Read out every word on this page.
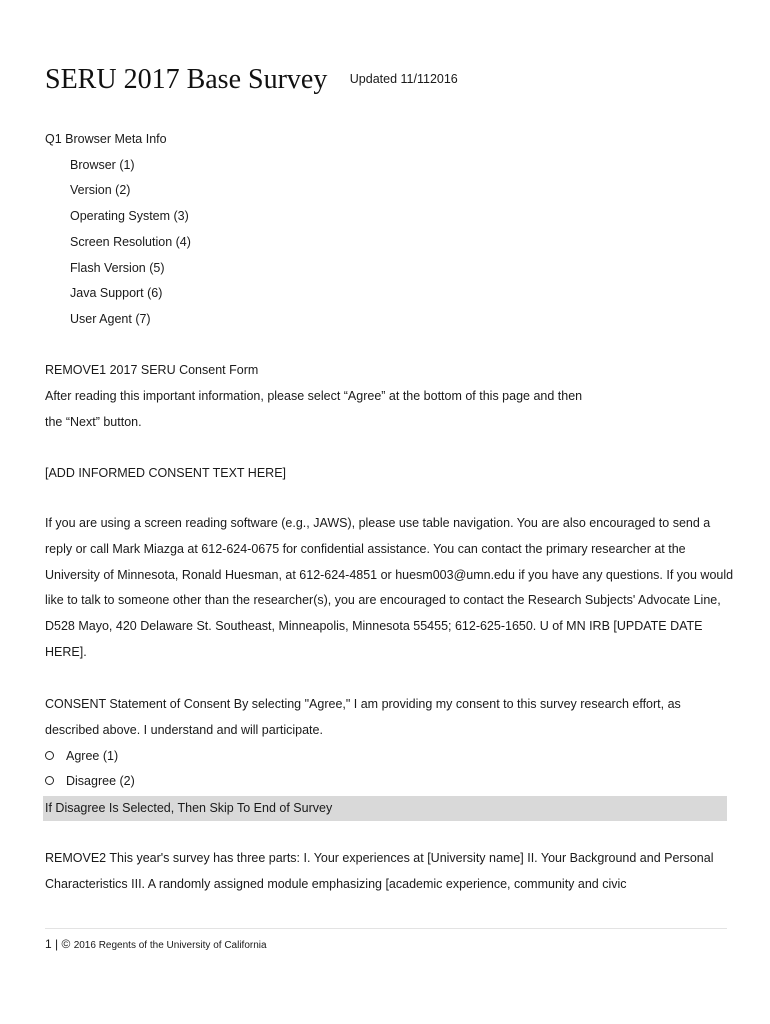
SERU 2017 Base Survey Updated 11/112016
Q1 Browser Meta Info
Browser (1)
Version (2)
Operating System (3)
Screen Resolution (4)
Flash Version (5)
Java Support (6)
User Agent (7)
REMOVE1 2017 SERU Consent Form
After reading this important information, please select “Agree” at the bottom of this page and then
the “Next” button.
[ADD INFORMED CONSENT TEXT HERE]
If you are using a screen reading software (e.g., JAWS), please use table navigation. You are also encouraged to send a reply or call Mark Miazga at 612-624-0675 for confidential assistance. You can contact the primary researcher at the University of Minnesota, Ronald Huesman, at 612-624-4851 or huesm003@umn.edu if you have any questions. If you would like to talk to someone other than the researcher(s), you are encouraged to contact the Research Subjects' Advocate Line, D528 Mayo, 420 Delaware St. Southeast, Minneapolis, Minnesota 55455; 612-625-1650. U of MN IRB [UPDATE DATE HERE].
CONSENT Statement of Consent By selecting "Agree," I am providing my consent to this survey research effort, as described above. I understand and will participate.
Agree (1)
Disagree (2)
If Disagree Is Selected, Then Skip To End of Survey
REMOVE2 This year's survey has three parts: I. Your experiences at [University name] II. Your Background and Personal Characteristics III. A randomly assigned module emphasizing [academic experience, community and civic
1 | © 2016 Regents of the University of California
